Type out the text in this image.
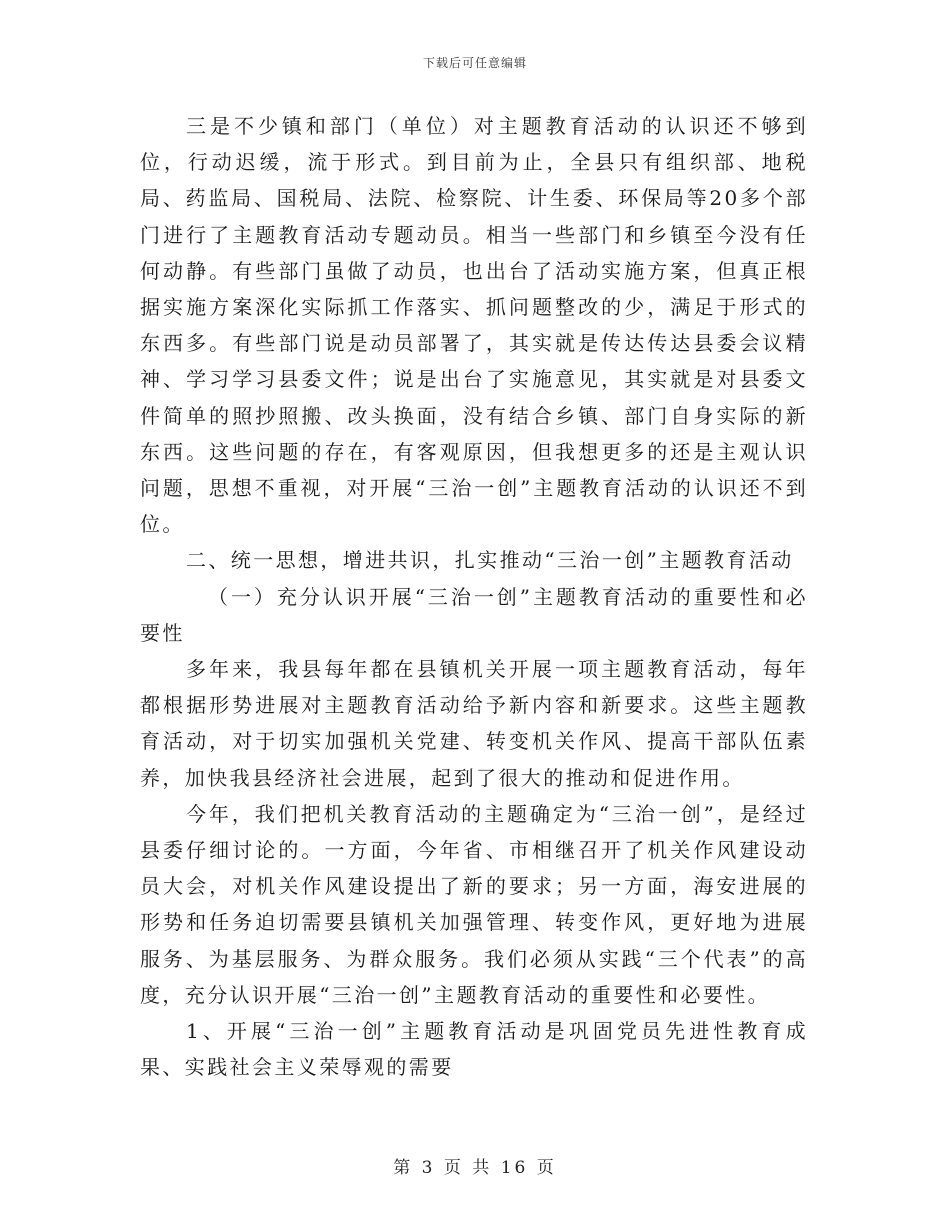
下载后可任意编辑

三是不少镇和部门（单位）对主题教育活动的认识还不够到位，行动迟缓，流于形式。到目前为止，全县只有组织部、地税局、药监局、国税局、法院、检察院、计生委、环保局等20多个部门进行了主题教育活动专题动员。相当一些部门和乡镇至今没有任何动静。有些部门虽做了动员，也出台了活动实施方案，但真正根据实施方案深化实际抓工作落实、抓问题整改的少，满足于形式的东西多。有些部门说是动员部署了，其实就是传达传达县委会议精神、学习学习县委文件；说是出台了实施意见，其实就是对县委文件简单的照抄照搬、改头换面，没有结合乡镇、部门自身实际的新东西。这些问题的存在，有客观原因，但我想更多的还是主观认识问题，思想不重视，对开展“三治一创”主题教育活动的认识还不到位。

二、统一思想，增进共识，扎实推动“三治一创”主题教育活动

（一）充分认识开展“三治一创”主题教育活动的重要性和必要性

多年来，我县每年都在县镇机关开展一项主题教育活动，每年都根据形势进展对主题教育活动给予新内容和新要求。这些主题教育活动，对于切实加强机关党建、转变机关作风、提高干部队伍素养，加快我县经济社会进展，起到了很大的推动和促进作用。

今年，我们把机关教育活动的主题确定为“三治一创”，是经过县委仔细讨论的。一方面，今年省、市相继召开了机关作风建设动员大会，对机关作风建设提出了新的要求；另一方面，海安进展的形势和任务迫切需要县镇机关加强管理、转变作风，更好地为进展服务、为基层服务、为群众服务。我们必须从实践“三个代表”的高度，充分认识开展“三治一创”主题教育活动的重要性和必要性。

1、开展“三治一创”主题教育活动是巩固党员先进性教育成果、实践社会主义荣辱观的需要

第 3 页 共 16 页
